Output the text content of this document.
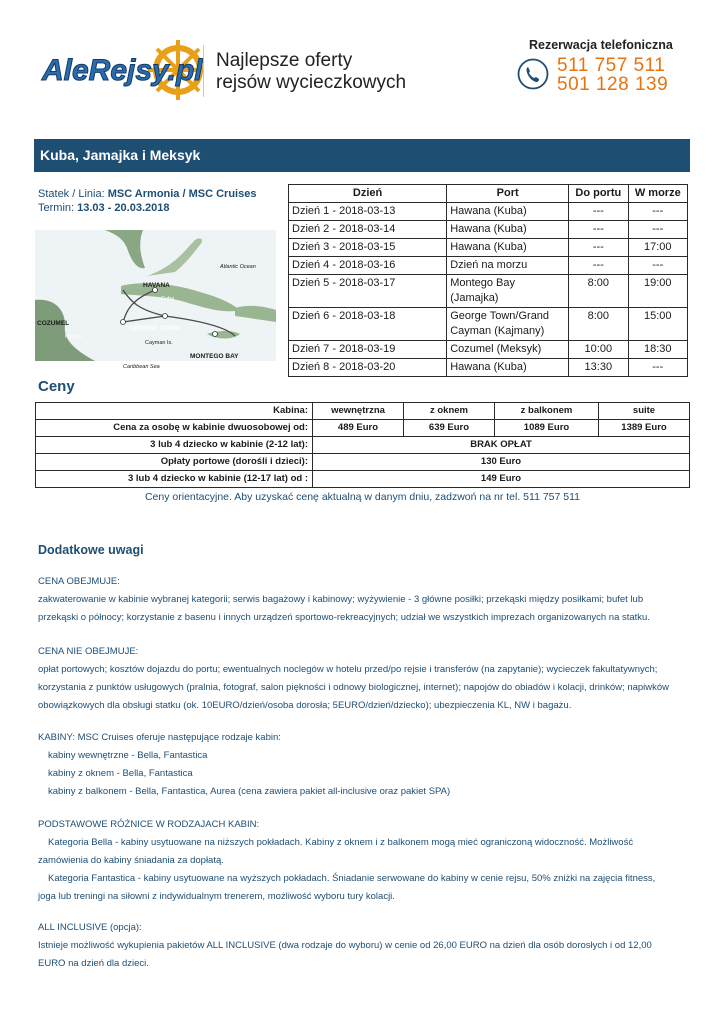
AleRejsy.pl Najlepsze oferty
rejsów wycieczkowych
Rezerwacja telefoniczna
511 757 511
501 128 139
Kuba, Jamajka i Meksyk
Statek / Linia: MSC Armonia / MSC Cruises
Termin: 13.03 - 20.03.2018
Atlantic Ocean
HAVANA
Cuba
COZUMEL
Mexico
GEORGE TOWN
Cayman Is.
MONTEGO BAY
Jamaica
Caribbean Sea
Dzień	Port	Do portu	W morze
Dzień 1 - 2018-03-13	Hawana (Kuba)	---	---
Dzień 2 - 2018-03-14	Hawana (Kuba)	---	---
Dzień 3 - 2018-03-15	Hawana (Kuba)	---	17:00
Dzień 4 - 2018-03-16	Dzień na morzu	---	---
Dzień 5 - 2018-03-17	Montego Bay (Jamajka)	8:00	19:00
Dzień 6 - 2018-03-18	George Town/Grand Cayman (Kajmany)	8:00	15:00
Dzień 7 - 2018-03-19	Cozumel (Meksyk)	10:00	18:30
Dzień 8 - 2018-03-20	Hawana (Kuba)	13:30	---
Ceny
Kabina:	wewnętrzna	z oknem	z balkonem	suite
Cena za osobę w kabinie dwuosobowej od:	489 Euro	639 Euro	1089 Euro	1389 Euro
3 lub 4 dziecko w kabinie (2-12 lat):	BRAK OPŁAT			
Opłaty portowe (dorośli i dzieci):	130 Euro			
3 lub 4 dziecko w kabinie (12-17 lat) od :	149 Euro			
Ceny orientacyjne. Aby uzyskać cenę aktualną w danym dniu, zadzwoń na nr tel. 511 757 511
Dodatkowe uwagi
CENA OBEJMUJE:
zakwaterowanie w kabinie wybranej kategorii; serwis bagażowy i kabinowy; wyżywienie - 3 główne posiłki; przekąski między posiłkami; bufet lub
przekąski o północy; korzystanie z basenu i innych urządzeń sportowo-rekreacyjnych; udział we wszystkich imprezach organizowanych na statku.
CENA NIE OBEJMUJE:
opłat portowych; kosztów dojazdu do portu; ewentualnych noclegów w hotelu przed/po rejsie i transferów (na zapytanie); wycieczek fakultatywnych;
korzystania z punktów usługowych (pralnia, fotograf, salon piękności i odnowy biologicznej, internet); napojów do obiadów i kolacji, drinków; napiwków
obowiązkowych dla obsługi statku (ok. 10EURO/dzień/osoba dorosła; 5EURO/dzień/dziecko); ubezpieczenia KL, NW i bagażu.
KABINY: MSC Cruises oferuje następujące rodzaje kabin:
kabiny wewnętrzne - Bella, Fantastica
kabiny z oknem - Bella, Fantastica
kabiny z balkonem - Bella, Fantastica, Aurea (cena zawiera pakiet all-inclusive oraz pakiet SPA)
PODSTAWOWE RÓŻNICE W RODZAJACH KABIN:
Kategoria Bella - kabiny usytuowane na niższych pokładach. Kabiny z oknem i z balkonem mogą mieć ograniczoną widoczność. Możliwość
zamówienia do kabiny śniadania za dopłatą.
Kategoria Fantastica - kabiny usytuowane na wyższych pokładach. Śniadanie serwowane do kabiny w cenie rejsu, 50% zniżki na zajęcia fitness,
joga lub treningi na siłowni z indywidualnym trenerem, możliwość wyboru tury kolacji.
ALL INCLUSIVE (opcja):
Istnieje możliwość wykupienia pakietów ALL INCLUSIVE (dwa rodzaje do wyboru) w cenie od 26,00 EURO na dzień dla osób dorosłych i od 12,00
EURO na dzień dla dzieci.
